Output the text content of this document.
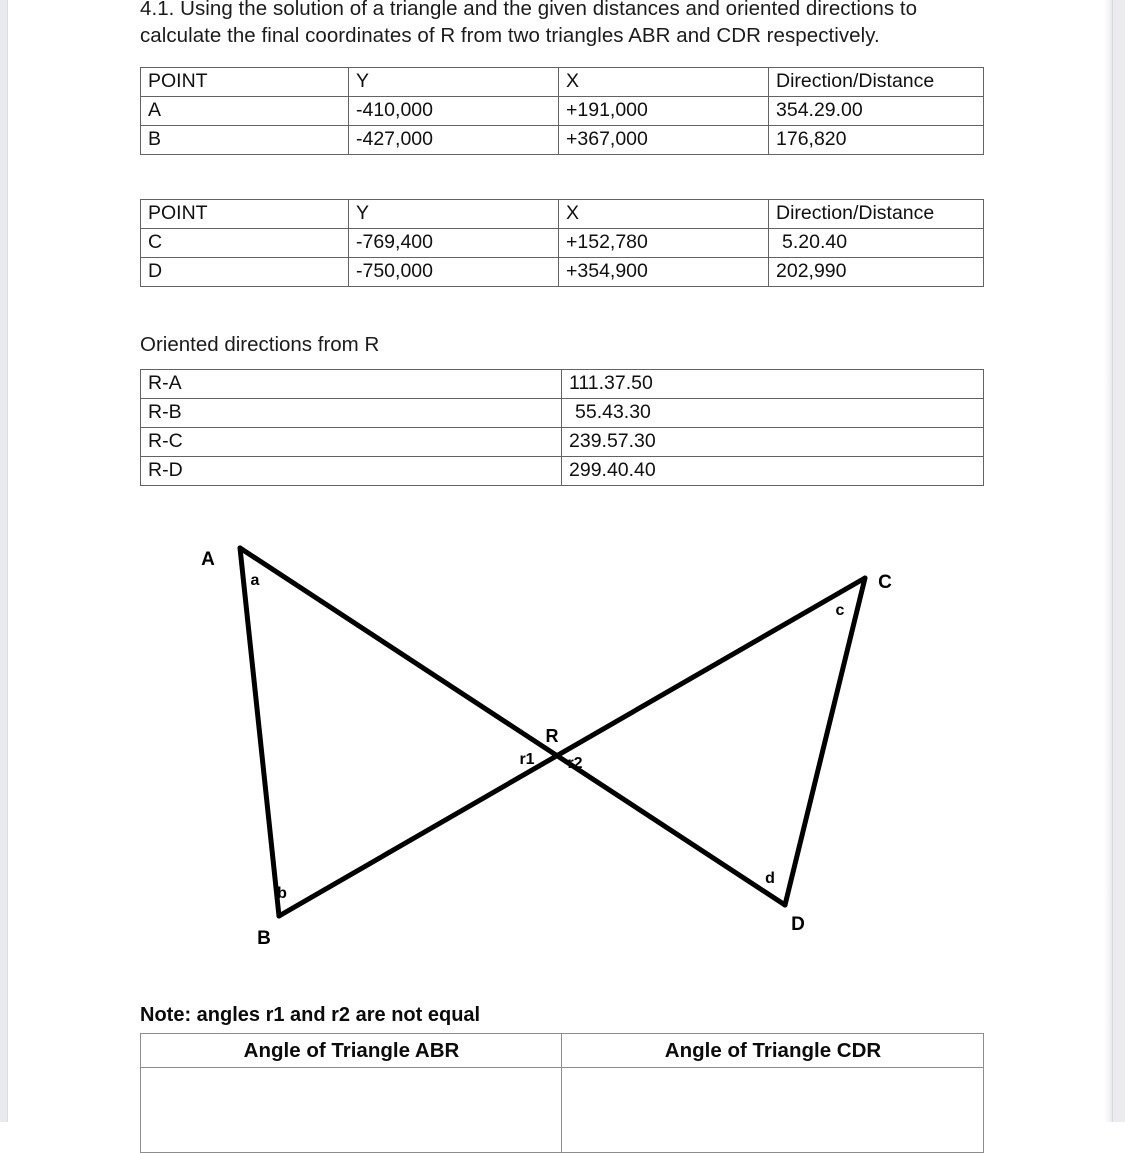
4.1. Using the solution of a triangle and the given distances and oriented directions to
calculate the final coordinates of R from two triangles ABR and CDR respectively.

POINT	Y	X	Direction/Distance
A	-410,000	+191,000	354.29.00
B	-427,000	+367,000	176,820
POINT	Y	X	Direction/Distance
C	-769,400	+152,780	5.20.40
D	-750,000	+354,900	202,990

Oriented directions from R

R-A	111.37.50
R-B	55.43.30
R-C	239.57.30
R-D	299.40.40
A
B
C
D
R
a
b
c
d
r1 r2

Note: angles r1 and r2 are not equal

Angle of Triangle ABR	Angle of Triangle CDR
